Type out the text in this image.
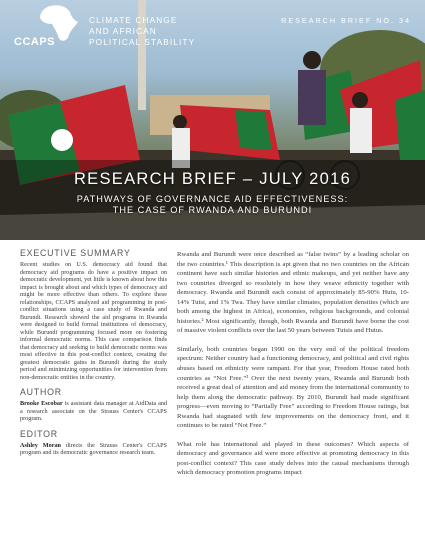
CCAPS
CLIMATE CHANGE
AND AFRICAN
POLITICAL STABILITY
RESEARCH BRIEF NO. 34
RESEARCH BRIEF – JULY 2016
PATHWAYS OF GOVERNANCE AID EFFECTIVENESS:
THE CASE OF RWANDA AND BURUNDI
EXECUTIVE SUMMARY

Recent studies on U.S. democracy aid found that democracy aid programs do have a positive impact on democratic development, yet little is known about how this impact is brought about and which types of democracy aid might be more effective than others. To explore these relationships, CCAPS analyzed aid programming in post-conflict situations using a case study of Rwanda and Burundi. Research showed the aid programs in Rwanda were designed to build formal institutions of democracy, while Burundi programming focused more on fostering informal democratic norms. This case comparison finds that democracy aid seeking to build democratic norms was most effective in this post-conflict context, creating the greatest democratic gains in Burundi during the study period and minimizing opportunities for intervention from non-democratic entities in the country.

AUTHOR

Brooke Escobar is assistant data manager at AidData and a research associate on the Strauss Center's CCAPS program.

EDITOR

Ashley Moran directs the Strauss Center's CCAPS program and its democratic governance research team.

Rwanda and Burundi were once described as “false twins” by a leading scholar on the two countries.¹ This description is apt given that no two countries on the African continent have such similar histories and ethnic makeups, and yet neither have any two countries diverged so resolutely in how they weave ethnicity together with democracy. Rwanda and Burundi each consist of approximately 85-90% Hutu, 10-14% Tutsi, and 1% Twa. They have similar climates, population densities (which are both among the highest in Africa), economies, religious backgrounds, and colonial histories.² Most significantly, though, both Rwanda and Burundi have borne the cost of massive violent conflicts over the last 50 years between Tutsis and Hutus.

Similarly, both countries began 1990 on the very end of the political freedom spectrum: Neither country had a functioning democracy, and political and civil rights abuses based on ethnicity were rampant. For that year, Freedom House rated both countries as “Not Free.”³ Over the next twenty years, Rwanda and Burundi both received a great deal of attention and aid money from the international community to help them along the democratic pathway. By 2010, Burundi had made significant progress—even moving to “Partially Free” according to Freedom House ratings, but Rwanda had stagnated with few improvements on the democracy front, and it continues to be rated “Not Free.”

What role has international aid played in these outcomes? Which aspects of democracy and governance aid were more effective at promoting democracy in this post-conflict context? This case study delves into the causal mechanisms through which democracy promotion programs impact
